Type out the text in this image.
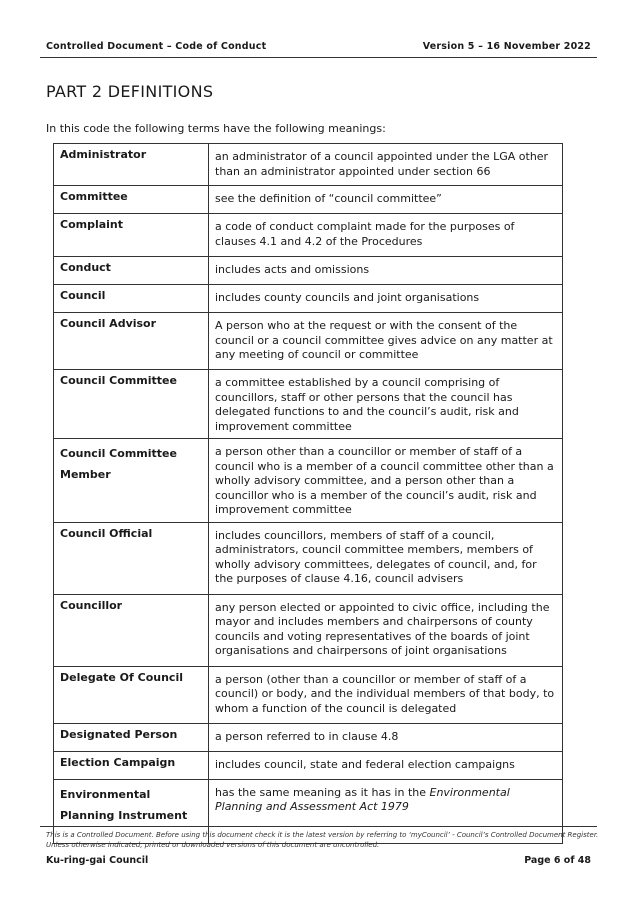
Controlled Document – Code of Conduct	Version 5 – 16 November 2022
PART 2 DEFINITIONS
In this code the following terms have the following meanings:
Administrator	an administrator of a council appointed under the LGA other than an administrator appointed under section 66
Committee	see the definition of “council committee”
Complaint	a code of conduct complaint made for the purposes of clauses 4.1 and 4.2 of the Procedures
Conduct	includes acts and omissions
Council	includes county councils and joint organisations
Council Advisor	A person who at the request or with the consent of the council or a council committee gives advice on any matter at any meeting of council or committee
Council Committee	a committee established by a council comprising of councillors, staff or other persons that the council has delegated functions to and the council’s audit, risk and improvement committee
Council Committee Member	a person other than a councillor or member of staff of a council who is a member of a council committee other than a wholly advisory committee, and a person other than a councillor who is a member of the council’s audit, risk and improvement committee
Council Official	includes councillors, members of staff of a council, administrators, council committee members, members of wholly advisory committees, delegates of council, and, for the purposes of clause 4.16, council advisers
Councillor	any person elected or appointed to civic office, including the mayor and includes members and chairpersons of county councils and voting representatives of the boards of joint organisations and chairpersons of joint organisations
Delegate Of Council	a person (other than a councillor or member of staff of a council) or body, and the individual members of that body, to whom a function of the council is delegated
Designated Person	a person referred to in clause 4.8
Election Campaign	includes council, state and federal election campaigns
Environmental Planning Instrument	has the same meaning as it has in the Environmental Planning and Assessment Act 1979
This is a Controlled Document. Before using this document check it is the latest version by referring to ‘myCouncil’ - Council’s Controlled Document Register. Unless otherwise indicated, printed or downloaded versions of this document are uncontrolled.
Ku-ring-gai Council	Page 6 of 48
